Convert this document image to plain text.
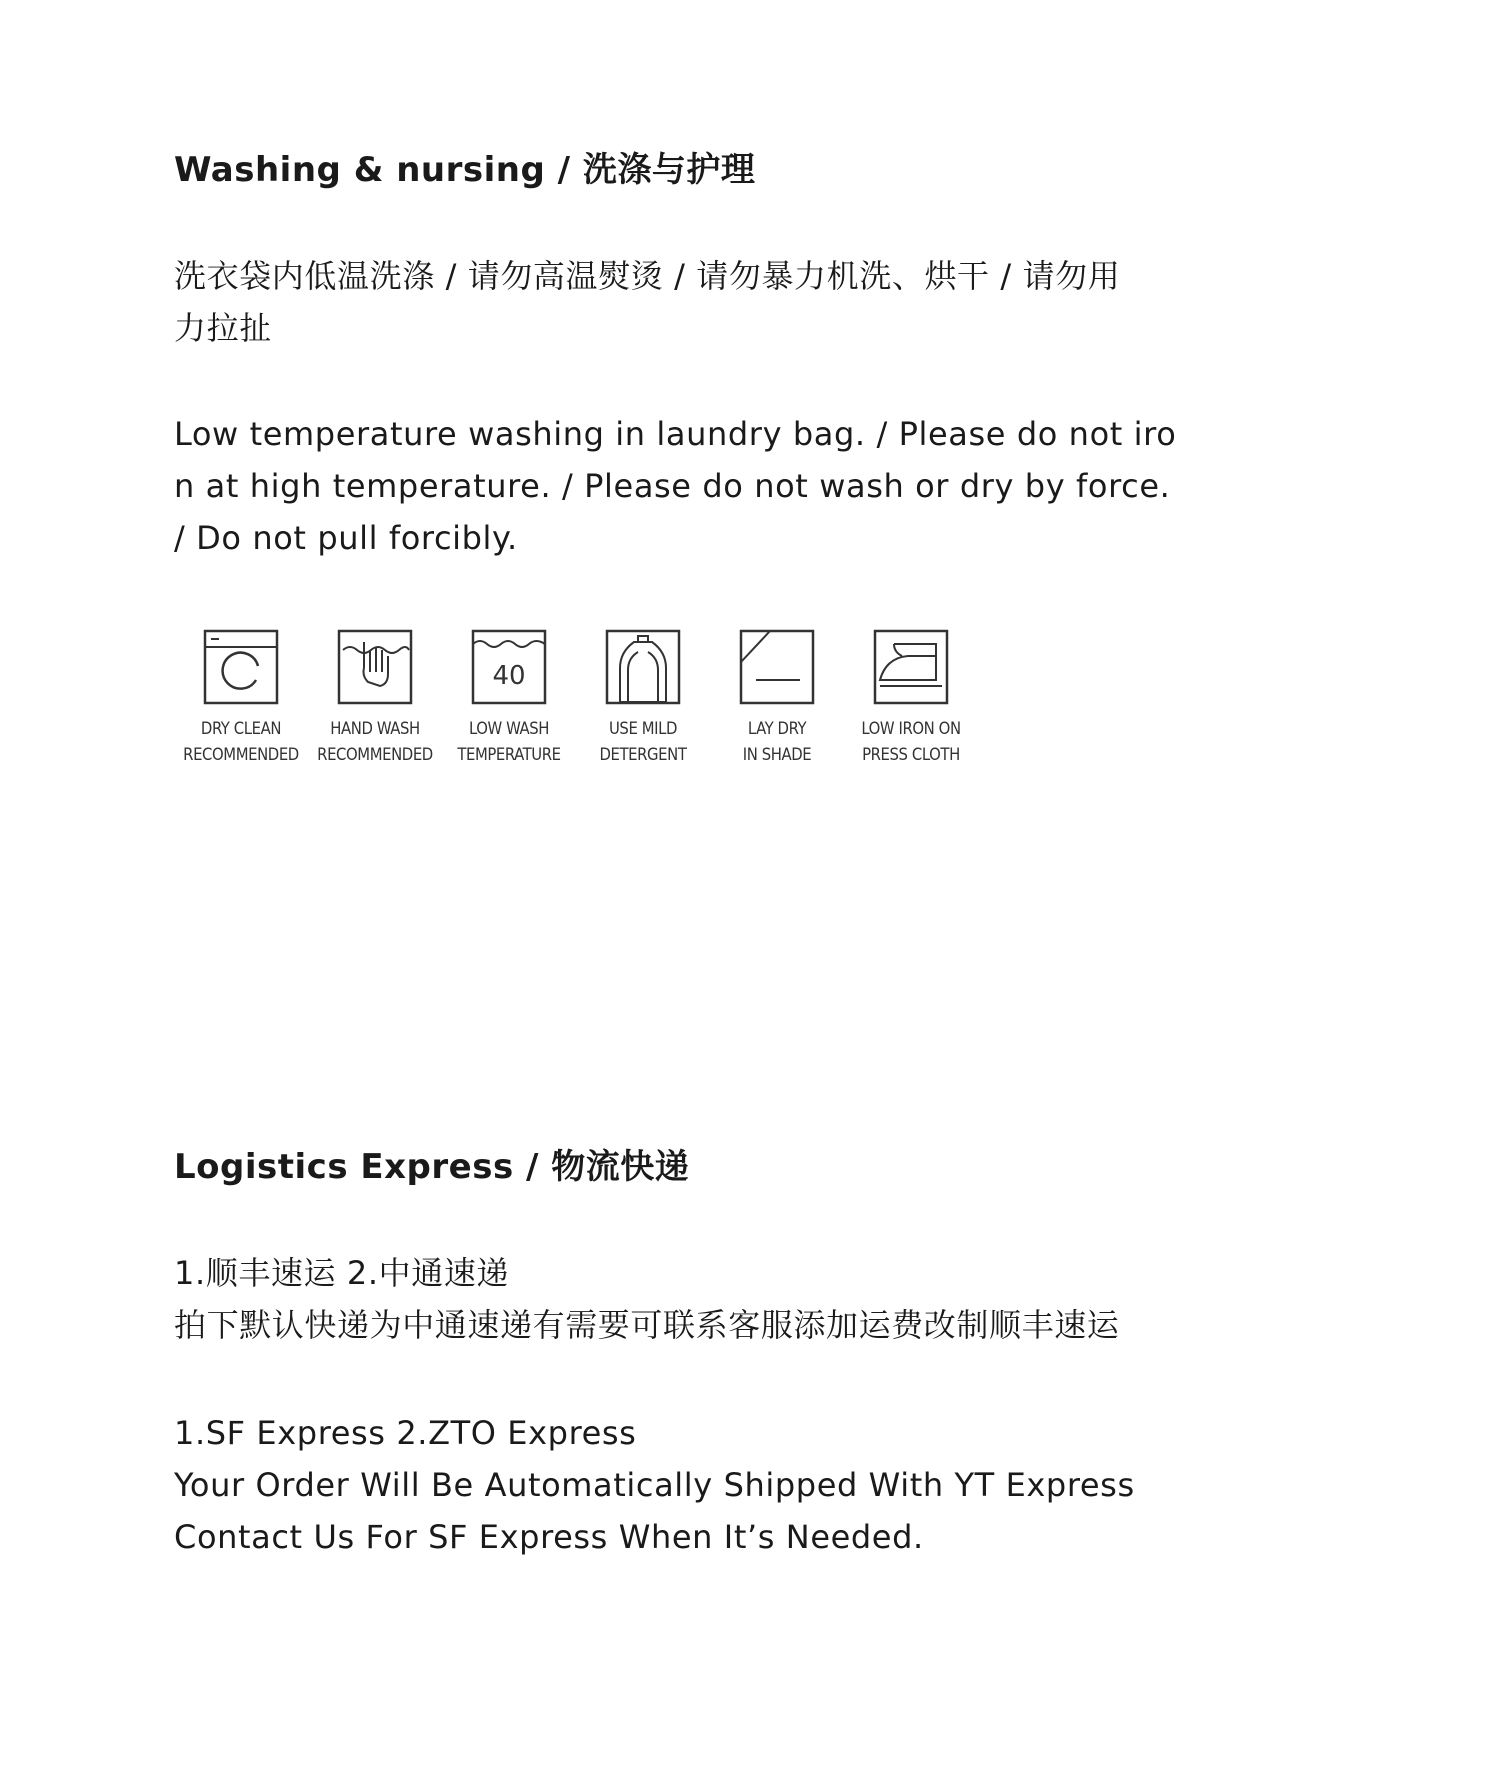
Washing & nursing / 洗涤与护理
洗衣袋内低温洗涤 / 请勿高温熨烫 / 请勿暴力机洗、烘干 / 请勿用
力拉扯
Low temperature washing in laundry bag. / Please do not iro
n at high temperature. / Please do not wash or dry by force.
/ Do not pull forcibly.
DRY CLEAN
RECOMMENDED
HAND WASH
RECOMMENDED
40
LOW WASH
TEMPERATURE
USE MILD
DETERGENT
LAY DRY
IN SHADE
LOW IRON ON
PRESS CLOTH
Logistics Express / 物流快递
1.顺丰速运 2.中通速递
拍下默认快递为中通速递有需要可联系客服添加运费改制顺丰速运
1.SF Express 2.ZTO Express
Your Order Will Be Automatically Shipped With YT Express
Contact Us For SF Express When It’s Needed.
